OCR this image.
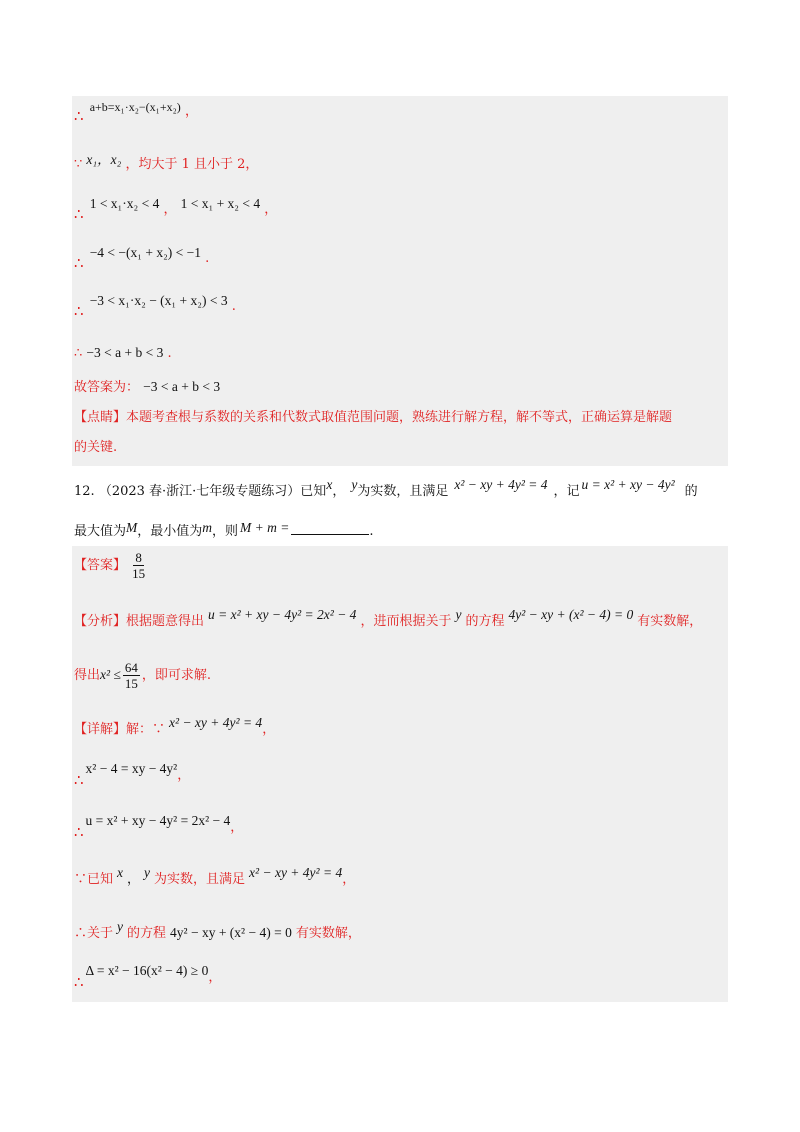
∴ a+b=x₁·x₂−(x₁+x₂) ，
∵ x₁，x₂ ，均大于 1 且小于 2，
∴ 1 < x₁·x₂ < 4 ， 1 < x₁ + x₂ < 4 ，
∴ −4 < −(x₁ + x₂) < −1 .
∴ −3 < x₁·x₂ − (x₁ + x₂) < 3 .
∴ −3 < a + b < 3 .
故答案为： −3 < a + b < 3
【点睛】本题考查根与系数的关系和代数式取值范围问题，熟练进行解方程，解不等式，正确运算是解题
的关键.
12. （2023 春·浙江·七年级专题练习）已知x， y为实数，且满足 x² − xy + 4y² = 4 ，记 u = x² + xy − 4y² 的
最大值为M，最小值为m，则 M + m =	.
【答案】 $\frac{8}{15}$
【分析】根据题意得出 u = x² + xy − 4y² = 2x² − 4 ，进而根据关于 y 的方程 4y² − xy + (x² − 4) = 0 有实数解，
得出$x^2 \le \frac{64}{15}$ ，即可求解.
【详解】解：∵ x² − xy + 4y² = 4，
∴x² − 4 = xy − 4y²，
∴u = x² + xy − 4y² = 2x² − 4，
∵已知 x ， y 为实数，且满足 x² − xy + 4y² = 4，
∴关于 y 的方程 4y² − xy + (x² − 4) = 0 有实数解，
∴Δ = x² − 16(x² − 4) ≥ 0，
